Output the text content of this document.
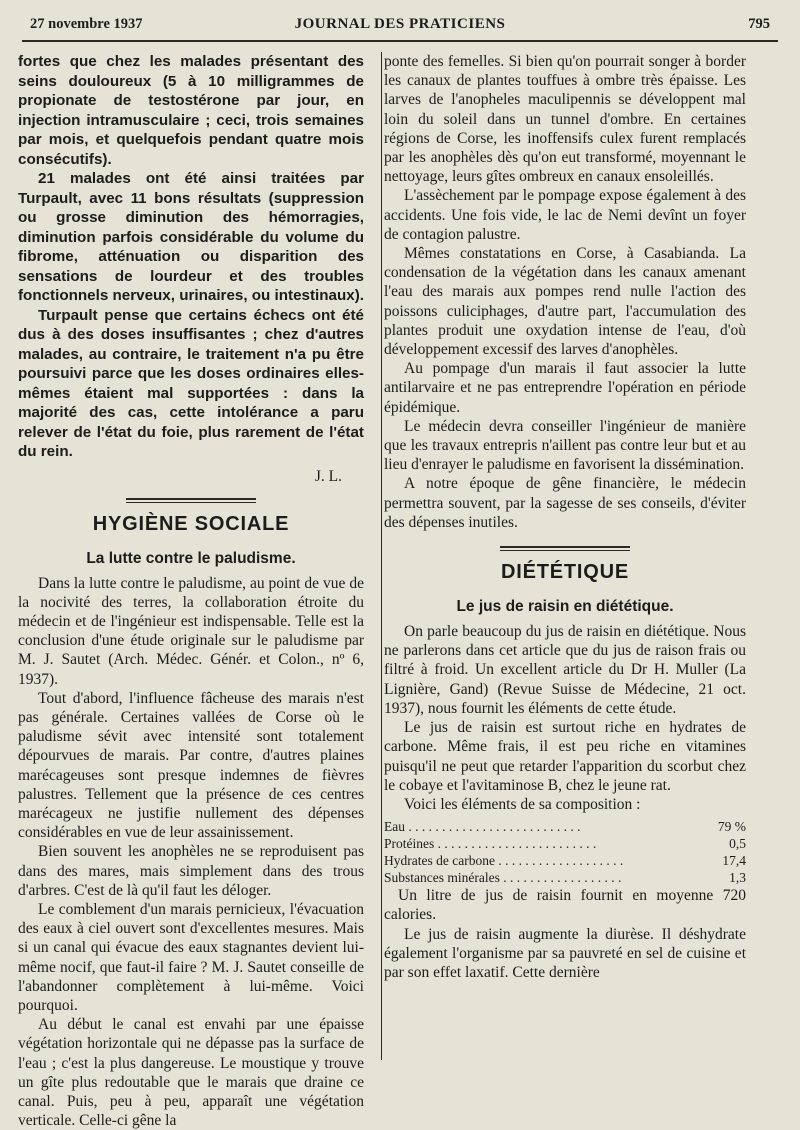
27 novembre 1937	JOURNAL DES PRATICIENS	795

fortes que chez les malades présentant des seins douloureux (5 à 10 milligrammes de propionate de testostérone par jour, en injection intramusculaire ; ceci, trois semaines par mois, et quelquefois pendant quatre mois consécutifs).

21 malades ont été ainsi traitées par Turpault, avec 11 bons résultats (suppression ou grosse diminution des hémorragies, diminution parfois considérable du volume du fibrome, atténuation ou disparition des sensations de lourdeur et des troubles fonctionnels nerveux, urinaires, ou intestinaux).

Turpault pense que certains échecs ont été dus à des doses insuffisantes ; chez d'autres malades, au contraire, le traitement n'a pu être poursuivi parce que les doses ordinaires elles-mêmes étaient mal supportées : dans la majorité des cas, cette intolérance a paru relever de l'état du foie, plus rarement de l'état du rein.

J. L.
HYGIÈNE SOCIALE
La lutte contre le paludisme.

Dans la lutte contre le paludisme, au point de vue de la nocivité des terres, la collaboration étroite du médecin et de l'ingénieur est indispensable. Telle est la conclusion d'une étude originale sur le paludisme par M. J. Sautet (Arch. Médec. Génér. et Colon., nº 6, 1937).

Tout d'abord, l'influence fâcheuse des marais n'est pas générale. Certaines vallées de Corse où le paludisme sévit avec intensité sont totalement dépourvues de marais. Par contre, d'autres plaines marécageuses sont presque indemnes de fièvres palustres. Tellement que la présence de ces centres marécageux ne justifie nullement des dépenses considérables en vue de leur assainissement.

Bien souvent les anophèles ne se reproduisent pas dans des mares, mais simplement dans des trous d'arbres. C'est de là qu'il faut les déloger.

Le comblement d'un marais pernicieux, l'évacuation des eaux à ciel ouvert sont d'excellentes mesures. Mais si un canal qui évacue des eaux stagnantes devient lui-même nocif, que faut-il faire ? M. J. Sautet conseille de l'abandonner complètement à lui-même. Voici pourquoi.

Au début le canal est envahi par une épaisse végétation horizontale qui ne dépasse pas la surface de l'eau ; c'est la plus dangereuse. Le moustique y trouve un gîte plus redoutable que le marais que draine ce canal. Puis, peu à peu, apparaît une végétation verticale. Celle-ci gêne la

ponte des femelles. Si bien qu'on pourrait songer à border les canaux de plantes touffues à ombre très épaisse. Les larves de l'anopheles maculipennis se développent mal loin du soleil dans un tunnel d'ombre. En certaines régions de Corse, les inoffensifs culex furent remplacés par les anophèles dès qu'on eut transformé, moyennant le nettoyage, leurs gîtes ombreux en canaux ensoleillés.

L'assèchement par le pompage expose également à des accidents. Une fois vide, le lac de Nemi devînt un foyer de contagion palustre.

Mêmes constatations en Corse, à Casabianda. La condensation de la végétation dans les canaux amenant l'eau des marais aux pompes rend nulle l'action des poissons culiciphages, d'autre part, l'accumulation des plantes produit une oxydation intense de l'eau, d'où développement excessif des larves d'anophèles.

Au pompage d'un marais il faut associer la lutte antilarvaire et ne pas entreprendre l'opération en période épidémique.

Le médecin devra conseiller l'ingénieur de manière que les travaux entrepris n'aillent pas contre leur but et au lieu d'enrayer le paludisme en favorisent la dissémination.

A notre époque de gêne financière, le médecin permettra souvent, par la sagesse de ses conseils, d'éviter des dépenses inutiles.

DIÉTÉTIQUE
Le jus de raisin en diététique.

On parle beaucoup du jus de raisin en diététique. Nous ne parlerons dans cet article que du jus de raison frais ou filtré à froid. Un excellent article du Dr H. Muller (La Lignière, Gand) (Revue Suisse de Médecine, 21 oct. 1937), nous fournit les éléments de cette étude.

Le jus de raisin est surtout riche en hydrates de carbone. Même frais, il est peu riche en vitamines puisqu'il ne peut que retarder l'apparition du scorbut chez le cobaye et l'avitaminose B, chez le jeune rat.

Voici les éléments de sa composition :

Eau . . . . . . . . . . . . . . . . . . . . . . . . . .	79 %
Protéines . . . . . . . . . . . . . . . . . . . . . . . .	0,5
Hydrates de carbone . . . . . . . . . . . . . . . . . . .	17,4
Substances minérales . . . . . . . . . . . . . . . . . .	1,3

Un litre de jus de raisin fournit en moyenne 720 calories.

Le jus de raisin augmente la diurèse. Il déshydrate également l'organisme par sa pauvreté en sel de cuisine et par son effet laxatif. Cette dernière
